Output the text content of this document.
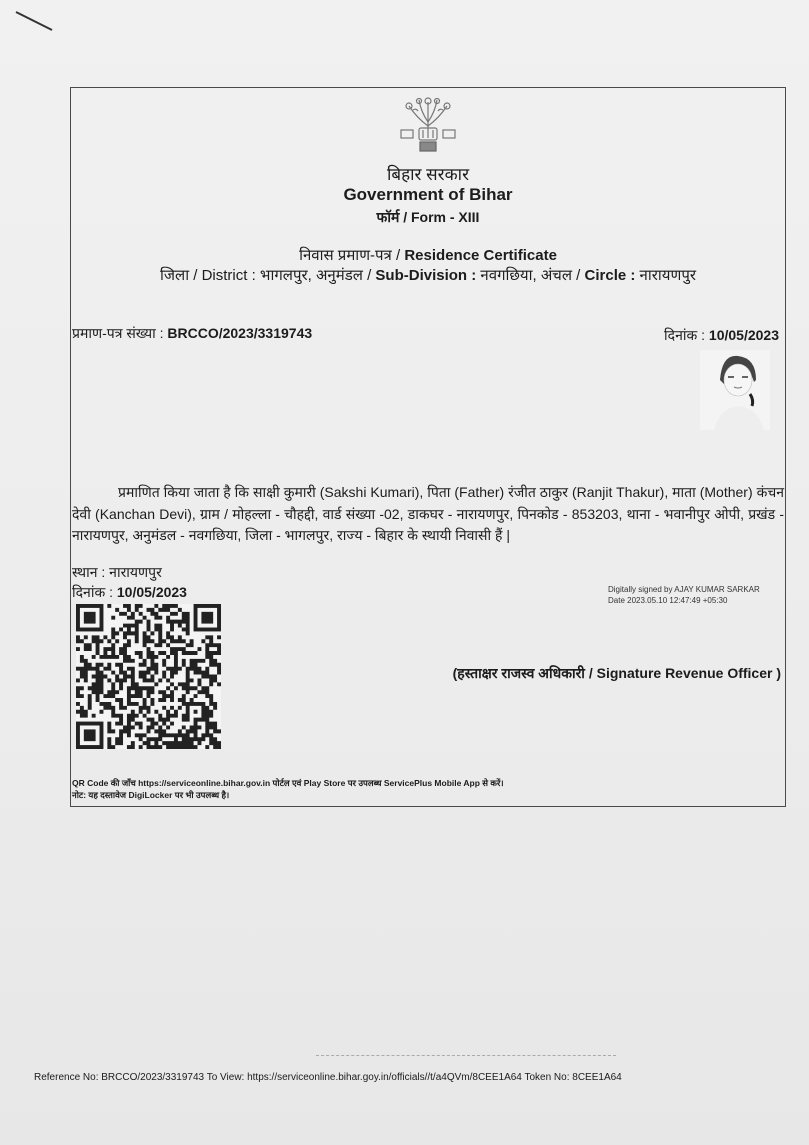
बिहार सरकार
Government of Bihar
फॉर्म / Form - XIII
निवास प्रमाण-पत्र / Residence Certificate
जिला / District : भागलपुर, अनुमंडल / Sub-Division : नवगछिया, अंचल / Circle : नारायणपुर
प्रमाण-पत्र संख्या : BRCCO/2023/3319743	दिनांक : 10/05/2023
प्रमाणित किया जाता है कि साक्षी कुमारी (Sakshi Kumari), पिता (Father) रंजीत ठाकुर (Ranjit Thakur), माता (Mother) कंचन देवी (Kanchan Devi), ग्राम / मोहल्ला - चौहद्दी, वार्ड संख्या -02, डाकघर - नारायणपुर, पिनकोड - 853203, थाना - भवानीपुर ओपी, प्रखंड - नारायणपुर, अनुमंडल - नवगछिया, जिला - भागलपुर, राज्य - बिहार के स्थायी निवासी हैं |
स्थान : नारायणपुर
दिनांक : 10/05/2023	Digitally signed by AJAY KUMAR SARKAR
Date 2023.05.10 12:47:49 +05:30
(हस्ताक्षर राजस्व अधिकारी / Signature Revenue Officer )
QR Code की जाँच https://serviceonline.bihar.gov.in पोर्टल एवं Play Store पर उपलब्ध ServicePlus Mobile App से करें।
नोट: यह दस्तावेज DigiLocker पर भी उपलब्ध है।
Reference No: BRCCO/2023/3319743 To View: https://serviceonline.bihar.goy.in/officials//t/a4QVm/8CEE1A64 Token No: 8CEE1A64
